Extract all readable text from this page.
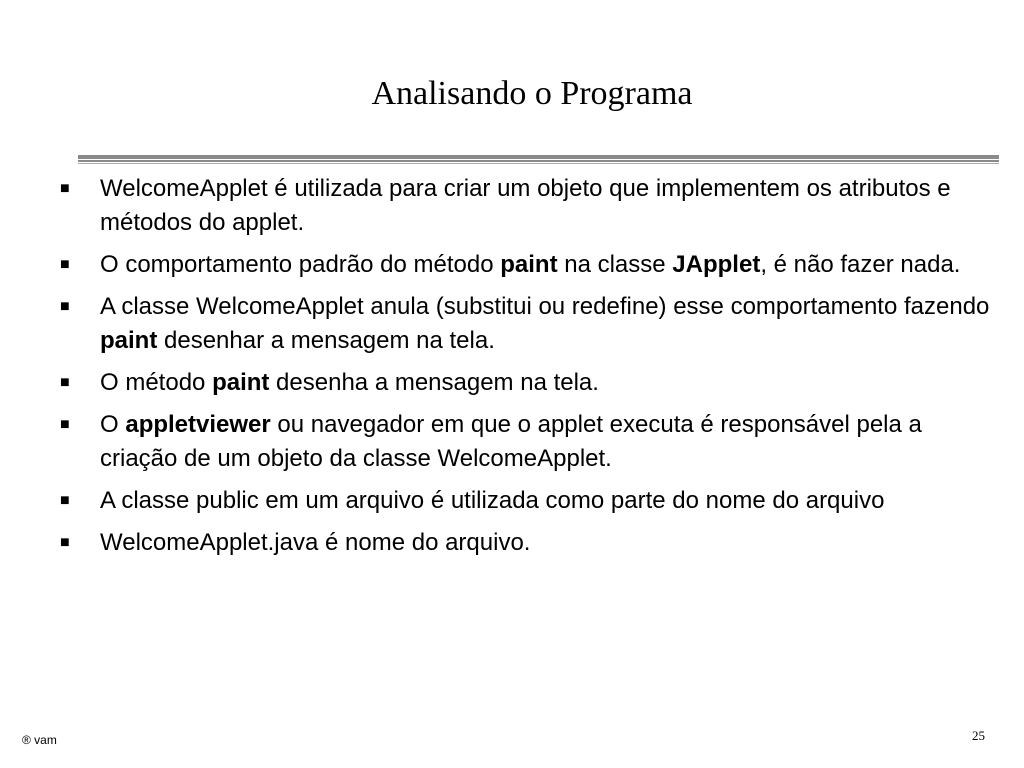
Analisando o Programa
■ WelcomeApplet é utilizada para criar um objeto que implementem os atributos e métodos do applet.
■ O comportamento padrão do método paint na classe JApplet, é não fazer nada.
■ A classe WelcomeApplet anula (substitui ou redefine) esse comportamento fazendo paint desenhar a mensagem na tela.
■ O método paint desenha a mensagem na tela.
■ O appletviewer ou navegador em que o applet executa é responsável pela a criação de um objeto da classe WelcomeApplet.
■ A classe public em um arquivo é utilizada como parte do nome do arquivo
■ WelcomeApplet.java é nome do arquivo.
® vam	25
